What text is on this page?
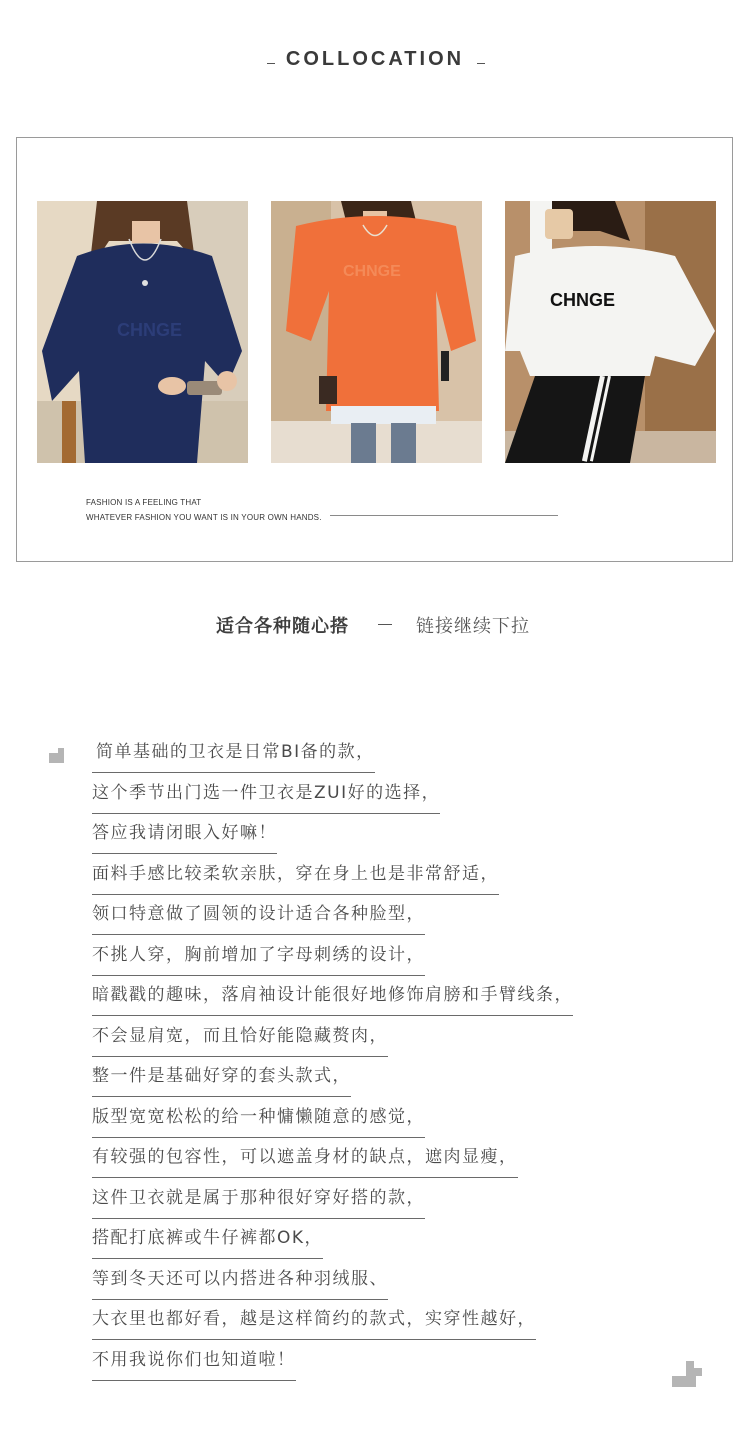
COLLOCATION
CHNGE
CHNGE
CHNGE
FASHION IS A FEELING THAT
WHATEVER FASHION YOU WANT IS IN YOUR OWN HANDS.
适合各种随心搭	链接继续下拉
简单基础的卫衣是日常BI备的款，
这个季节出门选一件卫衣是ZUI好的选择，
答应我请闭眼入好嘛！
面料手感比较柔软亲肤，穿在身上也是非常舒适，
领口特意做了圆领的设计适合各种脸型，
不挑人穿，胸前增加了字母刺绣的设计，
暗戳戳的趣味，落肩袖设计能很好地修饰肩膀和手臂线条，
不会显肩宽，而且恰好能隐藏赘肉，
整一件是基础好穿的套头款式，
版型宽宽松松的给一种慵懒随意的感觉，
有较强的包容性，可以遮盖身材的缺点，遮肉显瘦，
这件卫衣就是属于那种很好穿好搭的款，
搭配打底裤或牛仔裤都OK，
等到冬天还可以内搭进各种羽绒服、
大衣里也都好看，越是这样简约的款式，实穿性越好，
不用我说你们也知道啦！
